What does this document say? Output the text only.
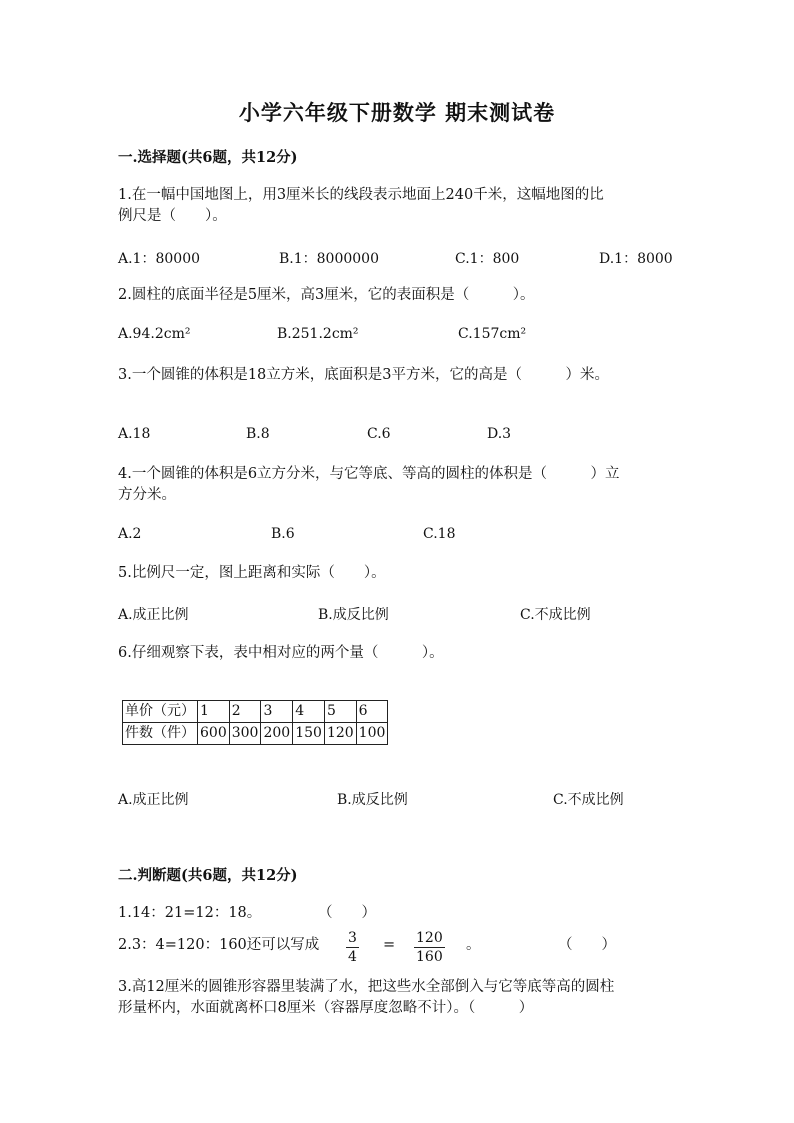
小学六年级下册数学 期末测试卷
一.选择题(共6题，共12分)
1.在一幅中国地图上，用3厘米长的线段表示地面上240千米，这幅地图的比
例尺是（　　）。
A.1：80000	B.1：8000000	C.1：800	D.1：8000
2.圆柱的底面半径是5厘米，高3厘米，它的表面积是（　　　）。
A.94.2cm²	B.251.2cm²	C.157cm²
3.一个圆锥的体积是18立方米，底面积是3平方米，它的高是（　　　）米。
A.18	B.8	C.6	D.3
4.一个圆锥的体积是6立方分米，与它等底、等高的圆柱的体积是（　　　）立
方分米。
A.2	B.6	C.18
5.比例尺一定，图上距离和实际（　　）。
A.成正比例	B.成反比例	C.不成比例
6.仔细观察下表，表中相对应的两个量（　　　）。
单价（元）	1	2	3	4	5	6
件数（件）	600	300	200	150	120	100
A.成正比例	B.成反比例	C.不成比例
二.判断题(共6题，共12分)
1.14：21=12：18。	（　　）
2.3：4=120：160还可以写成 $\frac{3}{4} = \frac{120}{160}$ 。	（　　）
3.高12厘米的圆锥形容器里装满了水，把这些水全部倒入与它等底等高的圆柱
形量杯内，水面就离杯口8厘米（容器厚度忽略不计）。（　　　）
